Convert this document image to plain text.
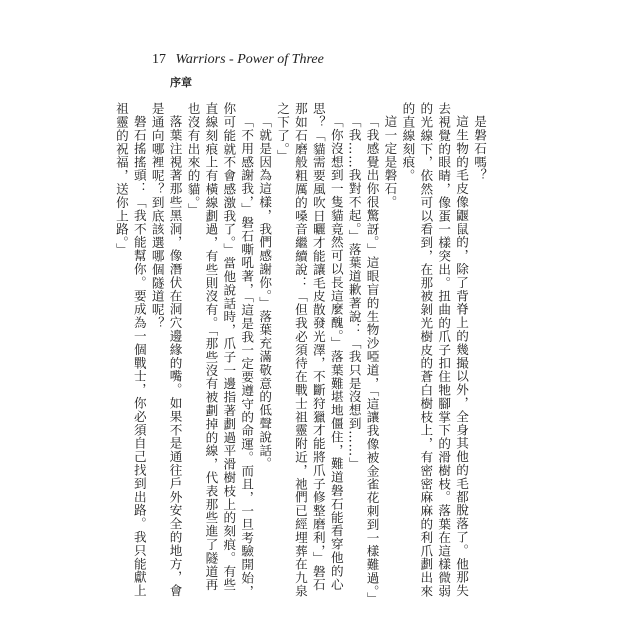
17 Warriors - Power of Three
序章

是磐石嗎？

這生物的毛皮像鼴鼠的，除了背脊上的幾撮以外，全身其他的毛都脫落了。他那失去視覺的眼睛，像蛋一樣突出。扭曲的爪子扣住牠腳掌下的滑樹枝。落葉在這樣微弱的光線下，依然可以看到，在那被剝光樹皮的蒼白樹枝上，有密密麻麻的利爪劃出來的直線刻痕。

這一定是磐石。

「我感覺出你很驚訝。」這眼盲的生物沙啞道，「這讓我像被金雀花刺到一樣難過。」

「我……我對不起。」落葉道歉著說：「我只是沒想到……」

「你沒想到一隻貓竟然可以長這麼醜。」落葉難堪地僵住，難道磐石能看穿他的心思？「貓需要風吹日曬才能讓毛皮散發光澤，不斷狩獵才能將爪子修整磨利，」磐石那如石磨般粗厲的嗓音繼續說：「但我必須待在戰士祖靈附近，祂們已經埋葬在九泉之下了。」

「就是因為這樣，我們感謝你。」落葉充滿敬意的低聲說話。

「不用感謝我，」磐石嘶吼著，「這是我一定要遵守的命運。而且，一旦考驗開始，你可能就不會感激我了。」當他說話時，爪子一邊指著劃過平滑樹枝上的刻痕。有些直線刻痕上有橫線劃過，有些則沒有。「那些沒有被劃掉的線，代表那些進了隧道再也沒有出來的貓。」

落葉注視著那些黑洞，像潛伏在洞穴邊緣的嘴。如果不是通往戶外安全的地方，會是通向哪裡呢？到底該選哪個隧道呢？

磐石搖搖頭：「我不能幫你。要成為一個戰士，你必須自己找到出路。我只能獻上祖靈的祝福，送你上路。」
